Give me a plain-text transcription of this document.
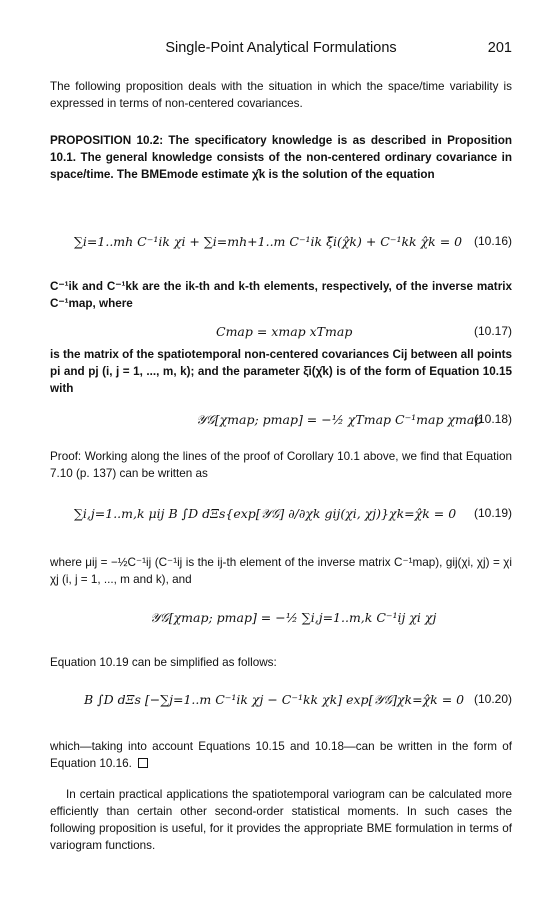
Single-Point Analytical Formulations	201

The following proposition deals with the situation in which the space/time variability is expressed in terms of non-centered covariances.

PROPOSITION 10.2: The specificatory knowledge is as described in Proposition 10.1. The general knowledge consists of the non-centered ordinary covariance in space/time. The BMEmode estimate χ̂k is the solution of the equation

∑i=1..mh C⁻¹ik χi + ∑i=mh+1..m C⁻¹ik ξ̄i(χ̂k) + C⁻¹kk χ̂k = 0 (10.16)

C⁻¹ik and C⁻¹kk are the ik-th and k-th elements, respectively, of the inverse matrix C⁻¹map, where

Cmap = xmap xTmap	(10.17)

is the matrix of the spatiotemporal non-centered covariances Cij between all points pi and pj (i, j = 1, ..., m, k); and the parameter ξ̄i(χ̂k) is of the form of Equation 10.15 with

𝒴𝒢[χmap; pmap] = −½ χTmap C⁻¹map χmap
(10.18)

Proof: Working along the lines of the proof of Corollary 10.1 above, we find that Equation 7.10 (p. 137) can be written as

∑i,j=1..m,k μij B ∫D dΞs{exp[𝒴𝒢] ∂/∂χk gij(χi, χj)}χk=χ̂k = 0 (10.19)

where μij = −½C⁻¹ij (C⁻¹ij is the ij-th element of the inverse matrix C⁻¹map), gij(χi, χj) = χi χj (i, j = 1, ..., m and k), and

𝒴𝒢[χmap; pmap] = −½ ∑i,j=1..m,k C⁻¹ij χi χj

Equation 10.19 can be simplified as follows:

B ∫D dΞs [−∑j=1..m C⁻¹ik χj − C⁻¹kk χk] exp[𝒴𝒢]χk=χ̂k = 0 (10.20)

which—taking into account Equations 10.15 and 10.18—can be written in the form of Equation 10.16.

In certain practical applications the spatiotemporal variogram can be calculated more efficiently than certain other second-order statistical moments. In such cases the following proposition is useful, for it provides the appropriate BME formulation in terms of variogram functions.
